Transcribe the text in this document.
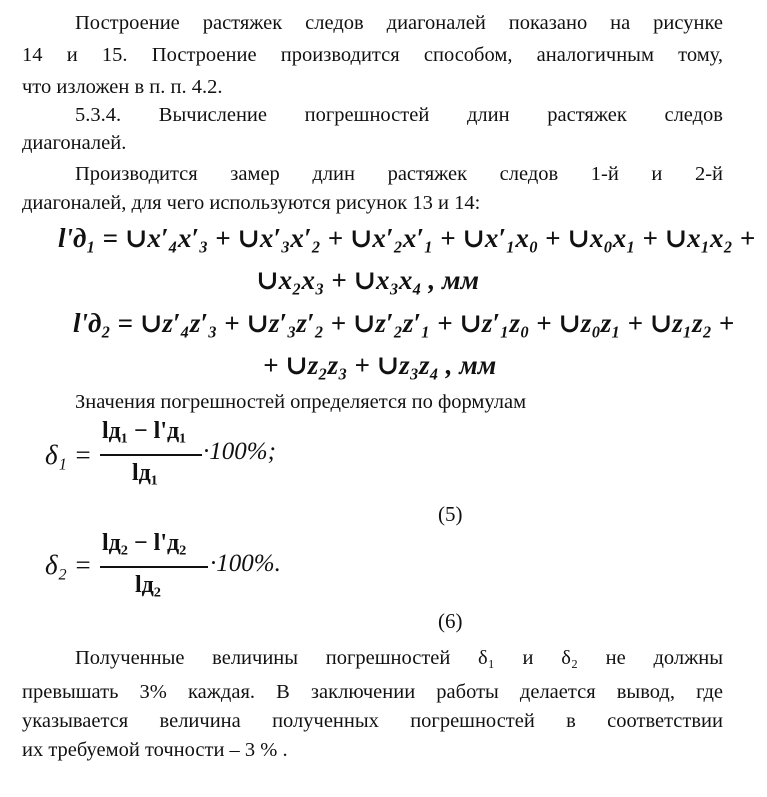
Построение растяжек следов диагоналей показано на рисунке
14 и 15. Построение производится способом, аналогичным тому,
что изложен в п. п. 4.2.
5.3.4. Вычисление погрешностей длин растяжек следов
диагоналей.
Производится замер длин растяжек следов 1-й и 2-й
диагоналей, для чего используются рисунок 13 и 14:
l'д₁ = ∪x′₄x′₃ + ∪x′₃x′₂ + ∪x′₂x′₁ + ∪x′₁x₀ + ∪x₀x₁ + ∪x₁x₂ +
∪x₂x₃ + ∪x₃x₄ , мм
l'д₂ = ∪z′₄z′₃ + ∪z′₃z′₂ + ∪z′₂z′₁ + ∪z′₁z₀ + ∪z₀z₁ + ∪z₁z₂ +
+ ∪z₂z₃ + ∪z₃z₄ , мм
Значения погрешностей определяется по формулам
δ₁ =
lд₁ − l'д₁
lд₁
·100%;
(5)
δ₂ =
lд₂ − l'д₂
lд₂
·100%.
(6)
Полученные величины погрешностей δ₁ и δ₂ не должны
превышать 3% каждая. В заключении работы делается вывод, где
указывается величина полученных погрешностей в соответствии
их требуемой точности – 3 % .
